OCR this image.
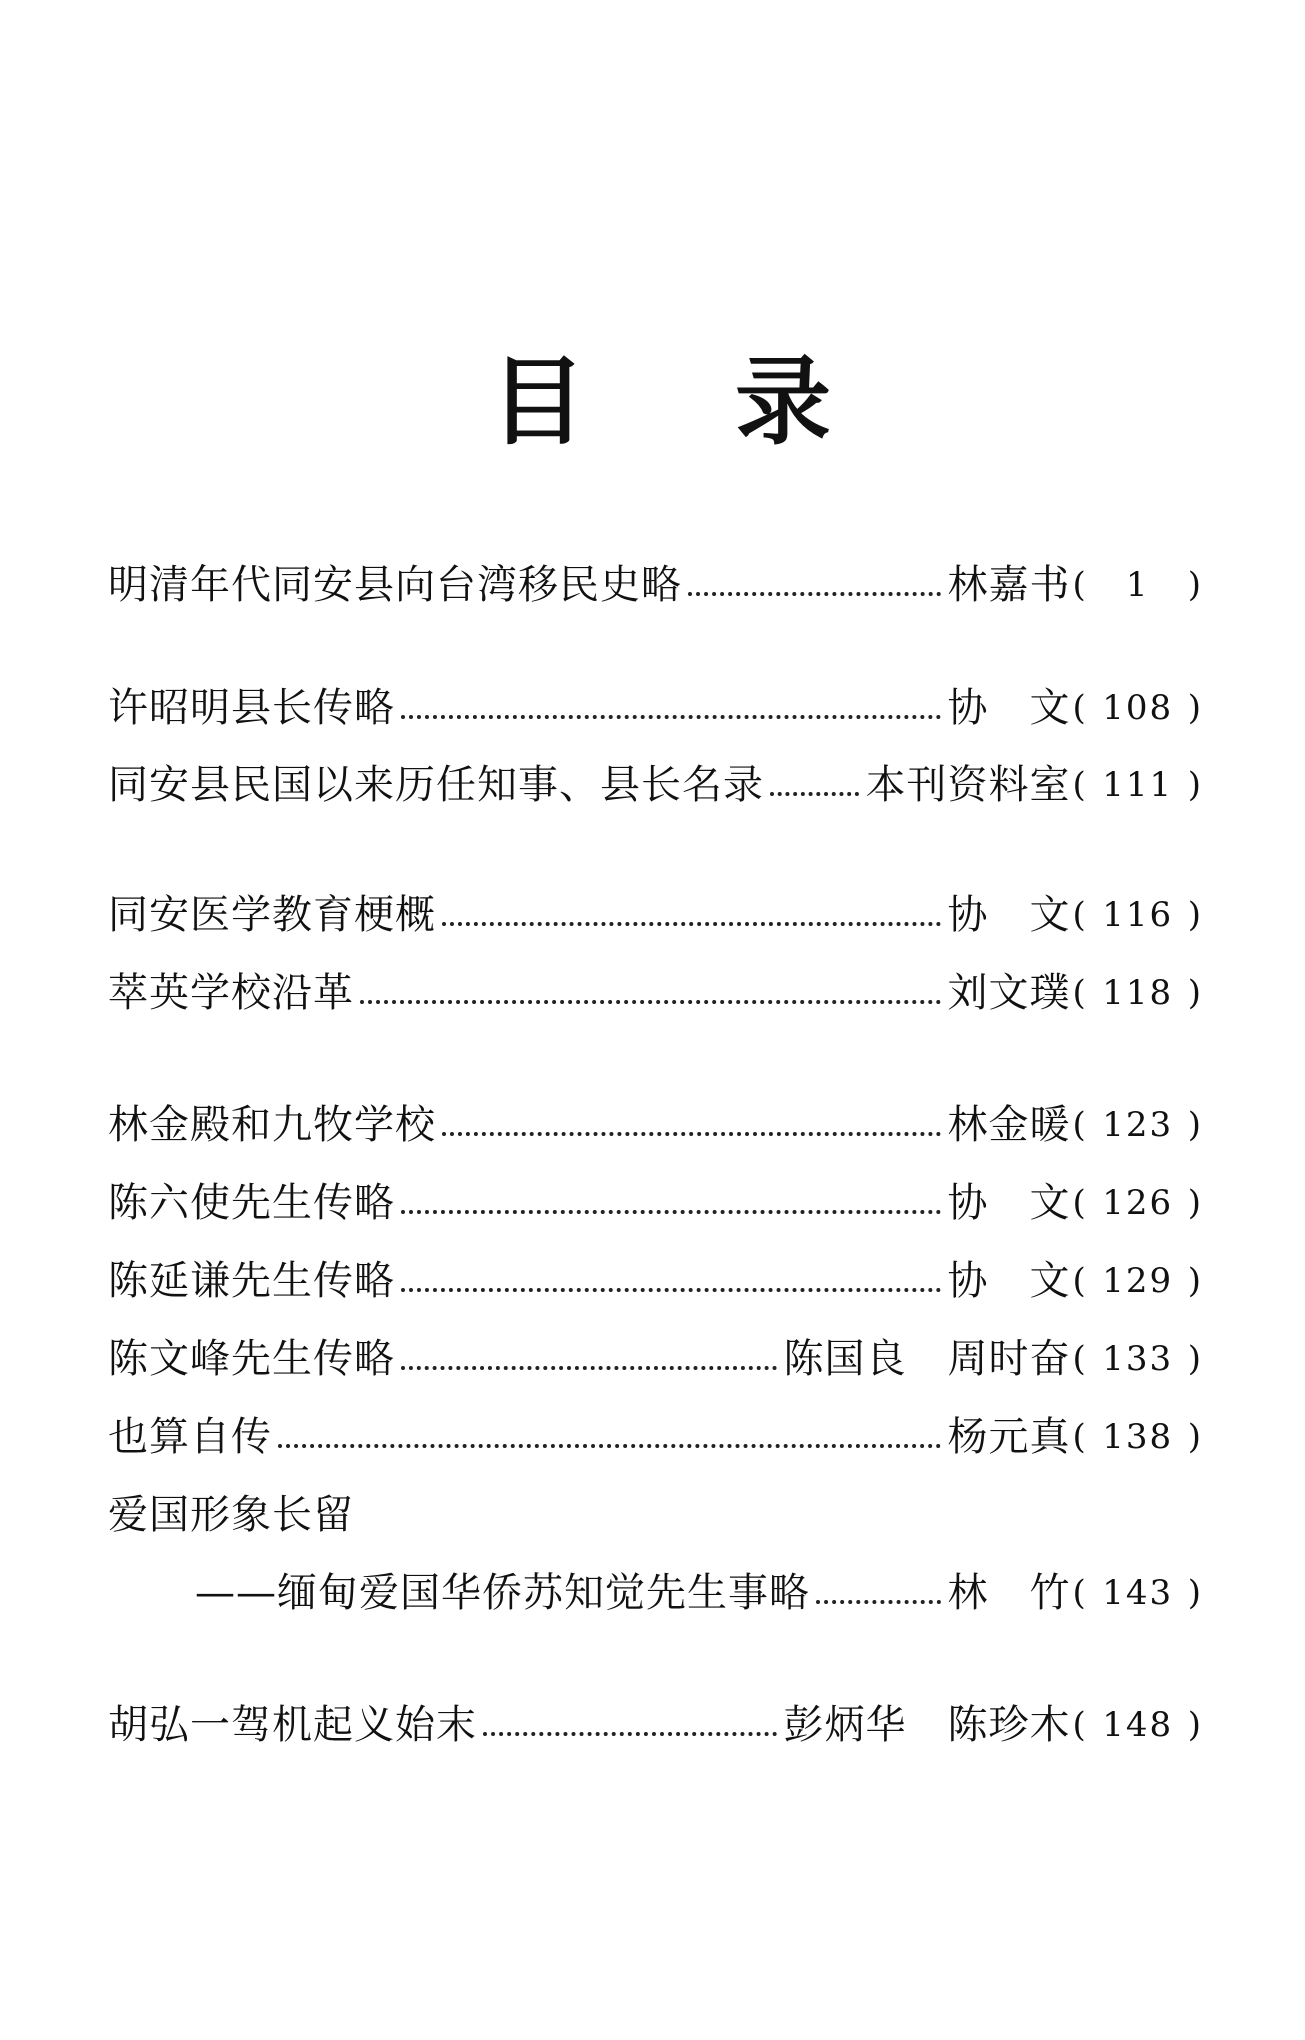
目 录
明清年代同安县向台湾移民史略	林嘉书 ( 1 )
许昭明县长传略	协　文 ( 108 )
同安县民国以来历任知事、县长名录	本刊资料室 ( 111 )
同安医学教育梗概	协　文 ( 116 )
萃英学校沿革	刘文璞 ( 118 )
林金殿和九牧学校	林金暖 ( 123 )
陈六使先生传略	协　文 ( 126 )
陈延谦先生传略	协　文 ( 129 )
陈文峰先生传略	陈国良　周时奋 ( 133 )
也算自传	杨元真 ( 138 )
爱国形象长留
——缅甸爱国华侨苏知觉先生事略	林　竹 ( 143 )
胡弘一驾机起义始末	彭炳华　陈珍木 ( 148 )
